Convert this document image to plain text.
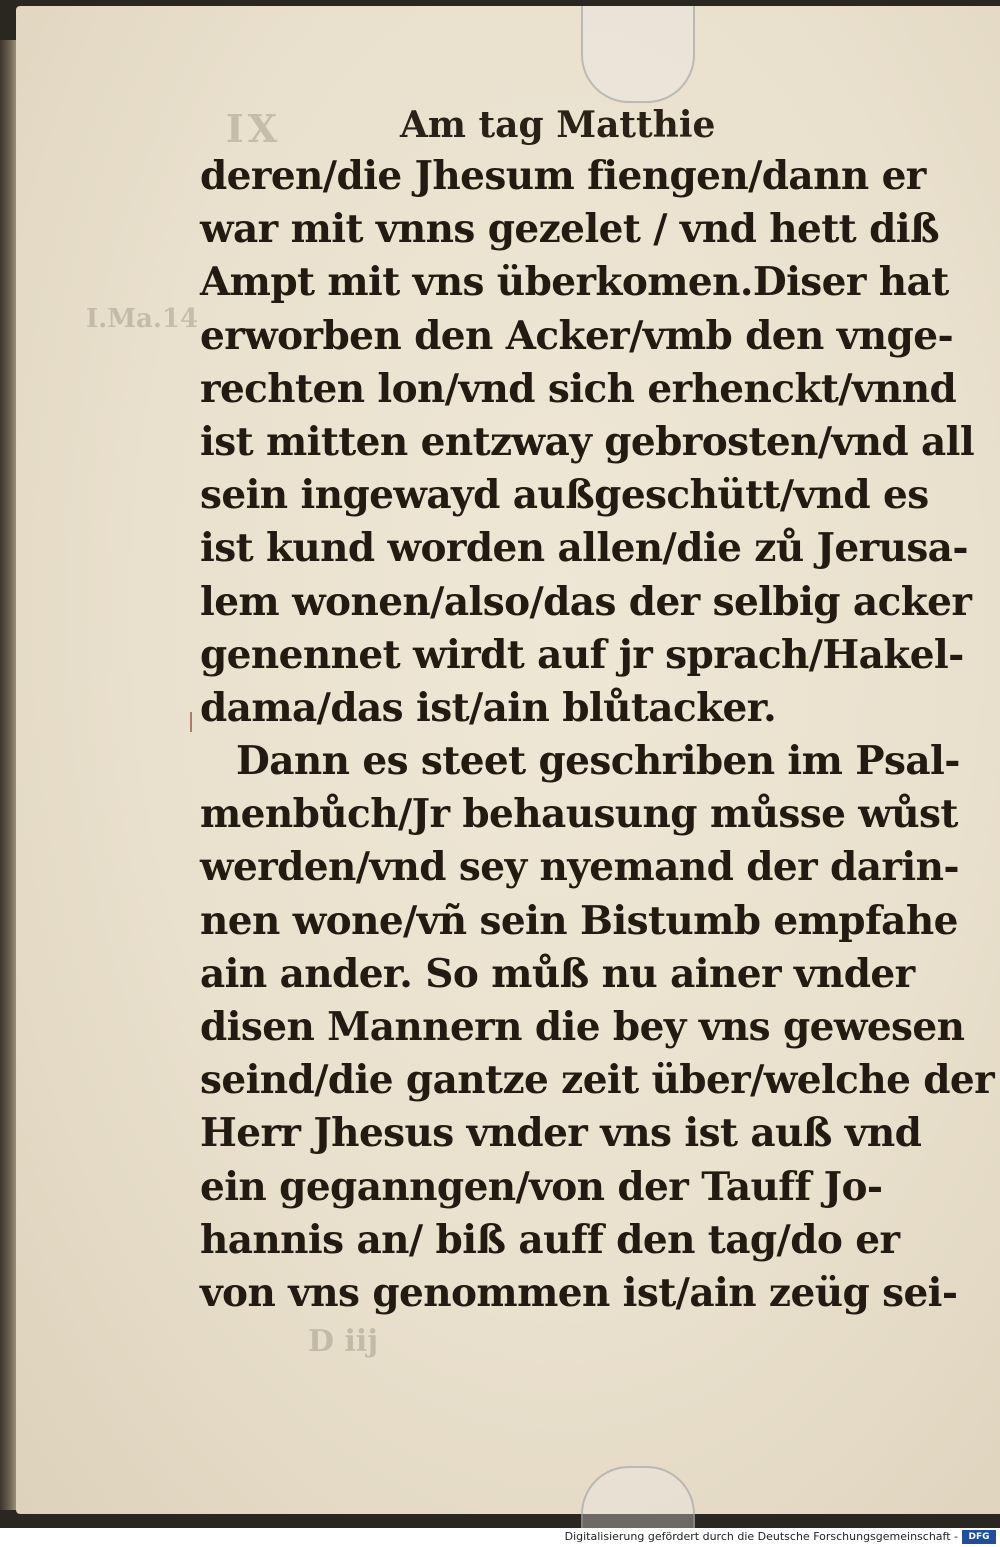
IX
I.Ma.14
D iij
Am tag Matthie
deren/die Jhesum fiengen/dann er
war mit vnns gezelet / vnd hett diß
Ampt mit vns überkomen.Diser hat
erworben den Acker/vmb den vnge-
rechten lon/vnd sich erhenckt/vnnd
ist mitten entzway gebrosten/vnd all
sein ingewayd außgeschütt/vnd es
ist kund worden allen/die zů Jerusa-
lem wonen/also/das der selbig acker
genennet wirdt auf jr sprach/Hakel-
dama/das ist/ain blůtacker.
Dann es steet geschriben im Psal-
menbůch/Jr behausung můsse wůst
werden/vnd sey nyemand der darin-
nen wone/vñ sein Bistumb empfahe
ain ander. So můß nu ainer vnder
disen Mannern die bey vns gewesen
seind/die gantze zeit über/welche der
Herr Jhesus vnder vns ist auß vnd
ein geganngen/von der Tauff Jo-
hannis an/ biß auff den tag/do er
von vns genommen ist/ain zeüg sei-
Digitalisierung gefördert durch die Deutsche Forschungsgemeinschaft -	DFG
